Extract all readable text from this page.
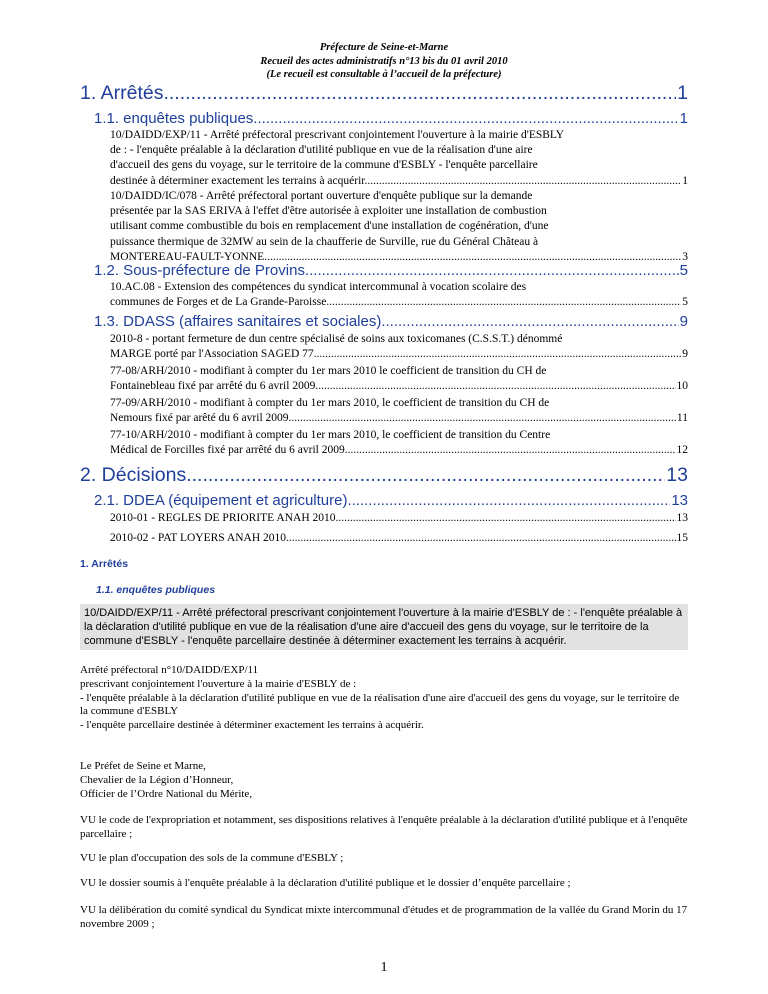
Préfecture de Seine-et-Marne
Recueil des actes administratifs n°13 bis du 01 avril 2010
(Le recueil est consultable à l’accueil de la préfecture)
1. Arrêtés .....	1
1.1. enquêtes publiques .....	1
10/DAIDD/EXP/11 - Arrêté préfectoral prescrivant conjointement l'ouverture à la mairie d'ESBLY
de : - l'enquête préalable à la déclaration d'utilité publique en vue de la réalisation d'une aire
d'accueil des gens du voyage, sur le territoire de la commune d'ESBLY - l'enquête parcellaire
destinée à déterminer exactement les terrains à acquérir. .....	1
10/DAIDD/IC/078 - Arrêté préfectoral portant ouverture d'enquête publique sur la demande
présentée par la SAS ERIVA à l'effet d'être autorisée à exploiter une installation de combustion
utilisant comme combustible du bois en remplacement d'une installation de cogénération, d'une
puissance thermique de 32MW au sein de la chaufferie de Surville, rue du Général Château à
MONTEREAU-FAULT-YONNE .....	3
1.2. Sous-préfecture de Provins .....	5
10.AC.08 - Extension des compétences du syndicat intercommunal à vocation scolaire des
communes de Forges et de La Grande-Paroisse .....	5
1.3. DDASS (affaires sanitaires et sociales) .....	9
2010-8 - portant fermeture de dun centre spécialisé de soins aux toxicomanes (C.S.S.T.) dénommé
MARGE porté par l'Association SAGED 77 .....	9
77-08/ARH/2010 - modifiant à compter du 1er mars 2010 le coefficient de transition du CH de
Fontainebleau fixé par arrêté du 6 avril 2009 .....	10
77-09/ARH/2010 - modifiant à compter du 1er mars 2010, le coefficient de transition du CH de
Nemours fixé par arêté du 6 avril 2009 .....	11
77-10/ARH/2010 - modifiant à compter du 1er mars 2010, le coefficient de transition du Centre
Médical de Forcilles fixé par arrêté du 6 avril 2009 .....	12
2. Décisions .....	13
2.1. DDEA (équipement et agriculture) .....	13
2010-01 - REGLES DE PRIORITE ANAH 2010 .....	13
2010-02 - PAT LOYERS ANAH 2010 .....	15
1. Arrêtés
1.1. enquêtes publiques
10/DAIDD/EXP/11 - Arrêté préfectoral prescrivant conjointement l'ouverture à la mairie d'ESBLY de : - l'enquête préalable à la déclaration d'utilité publique en vue de la réalisation d'une aire d'accueil des gens du voyage, sur le territoire de la commune d'ESBLY - l'enquête parcellaire destinée à déterminer exactement les terrains à acquérir.
Arrêté préfectoral n°10/DAIDD/EXP/11
prescrivant conjointement l'ouverture à la mairie d'ESBLY de :
- l'enquête préalable à la déclaration d'utilité publique en vue de la réalisation d'une aire d'accueil des gens du voyage, sur le territoire de la commune d'ESBLY
- l'enquête parcellaire destinée à déterminer exactement les terrains à acquérir.
Le Préfet de Seine et Marne,
Chevalier de la Légion d’Honneur,
Officier de l’Ordre National du Mérite,
VU le code de l'expropriation et notamment, ses dispositions relatives à l'enquête préalable à la déclaration d'utilité publique et à l'enquête parcellaire ;
VU le plan d'occupation des sols de la commune d'ESBLY ;
VU le dossier soumis à l'enquête préalable à la déclaration d'utilité publique et le dossier d’enquête parcellaire ;
VU la délibération du comité syndical du Syndicat mixte intercommunal d'études et de programmation de la vallée du Grand Morin du 17 novembre 2009 ;
1
